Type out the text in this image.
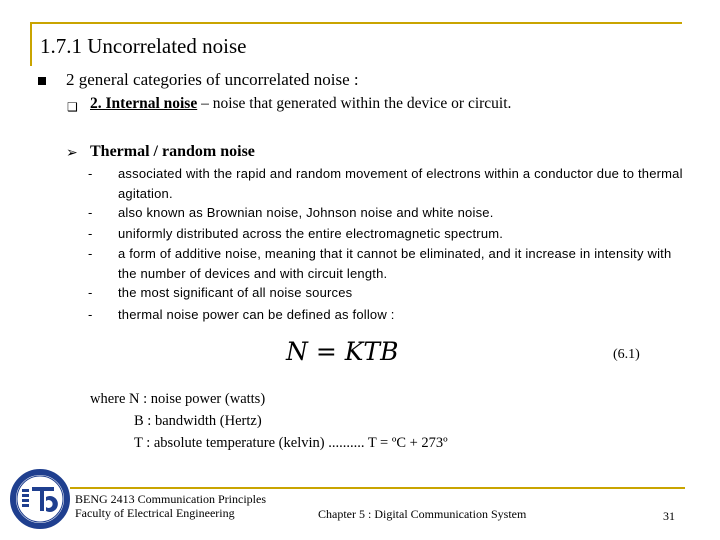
1.7.1 Uncorrelated noise
2 general categories of uncorrelated noise :
❑ 2. Internal noise – noise that generated within the device or circuit.
➢ Thermal / random noise
- associated with the rapid and random movement of electrons within a conductor due to thermal agitation.
- also known as Brownian noise, Johnson noise and white noise.
- uniformly distributed across the entire electromagnetic spectrum.
- a form of additive noise, meaning that it cannot be eliminated, and it increase in intensity with the number of devices and with circuit length.
- the most significant of all noise sources
- thermal noise power can be defined as follow :
N = KTB	(6.1)
where N : noise power (watts)
B : bandwidth (Hertz)
T : absolute temperature (kelvin) .......... T = ºC + 273º
BENG 2413 Communication Principles
Faculty of Electrical Engineering	Chapter 5 : Digital Communication System	31
